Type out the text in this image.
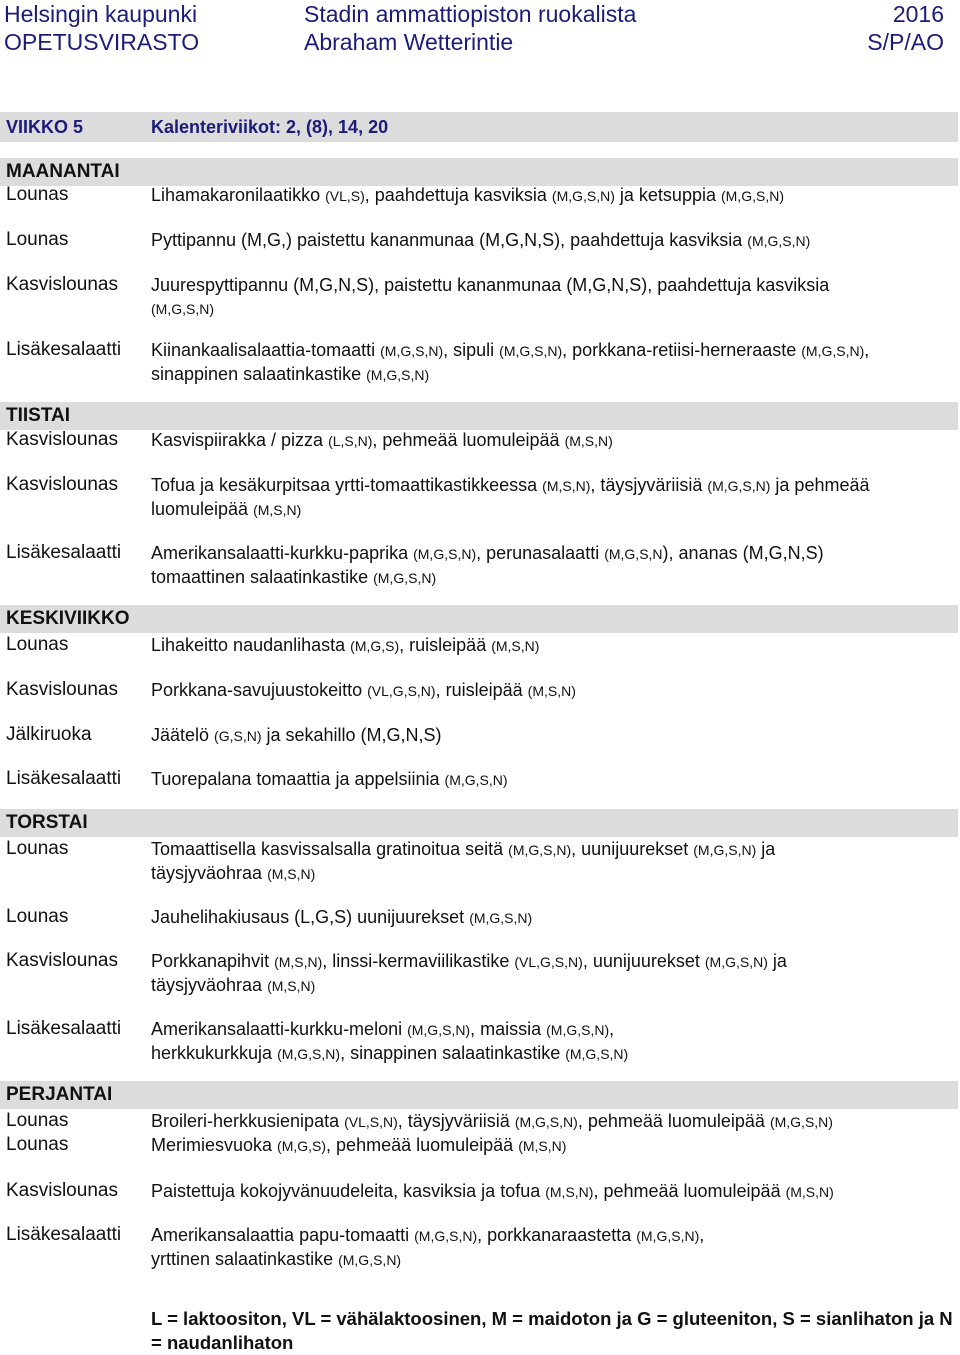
Helsingin kaupunki	Stadin ammattiopiston ruokalista	2016
OPETUSVIRASTO	Abraham Wetterintie	S/P/AO
VIIKKO 5	Kalenteriviikot: 2, (8), 14, 20
MAANANTAI
Lounas	Lihamakaronilaatikko (VL,S), paahdettuja kasviksia (M,G,S,N) ja ketsuppia (M,G,S,N)
Lounas	Pyttipannu (M,G,) paistettu kananmunaa (M,G,N,S), paahdettuja kasviksia (M,G,S,N)
Kasvislounas Juurespyttipannu (M,G,N,S), paistettu kananmunaa (M,G,N,S), paahdettuja kasviksia
(M,G,S,N)
Lisäkesalaatti Kiinankaalisalaattia-tomaatti (M,G,S,N), sipuli (M,G,S,N), porkkana-retiisi-herneraaste (M,G,S,N),
sinappinen salaatinkastike (M,G,S,N)
TIISTAI
Kasvislounas Kasvispiirakka / pizza (L,S,N), pehmeää luomuleipää (M,S,N)
Kasvislounas Tofua ja kesäkurpitsaa yrtti-tomaattikastikkeessa (M,S,N), täysjyväriisiä (M,G,S,N) ja pehmeää
luomuleipää (M,S,N)
Lisäkesalaatti Amerikansalaatti-kurkku-paprika (M,G,S,N), perunasalaatti (M,G,S,N), ananas (M,G,N,S)
tomaattinen salaatinkastike (M,G,S,N)
KESKIVIIKKO
Lounas	Lihakeitto naudanlihasta (M,G,S), ruisleipää (M,S,N)
Kasvislounas Porkkana-savujuustokeitto (VL,G,S,N), ruisleipää (M,S,N)
Jälkiruoka	Jäätelö (G,S,N) ja sekahillo (M,G,N,S)
Lisäkesalaatti Tuorepalana tomaattia ja appelsiinia (M,G,S,N)
TORSTAI
Lounas	Tomaattisella kasvissalsalla gratinoitua seitä (M,G,S,N), uunijuurekset (M,G,S,N) ja
täysjyväohraa (M,S,N)
Lounas	Jauhelihakiusaus (L,G,S) uunijuurekset (M,G,S,N)
Kasvislounas Porkkanapihvit (M,S,N), linssi-kermaviilikastike (VL,G,S,N), uunijuurekset (M,G,S,N) ja
täysjyväohraa (M,S,N)
Lisäkesalaatti Amerikansalaatti-kurkku-meloni (M,G,S,N), maissia (M,G,S,N),
herkkukurkkuja (M,G,S,N), sinappinen salaatinkastike (M,G,S,N)
PERJANTAI
Lounas	Broileri-herkkusienipata (VL,S,N), täysjyväriisiä (M,G,S,N), pehmeää luomuleipää (M,G,S,N)
Lounas	Merimiesvuoka (M,G,S), pehmeää luomuleipää (M,S,N)
Kasvislounas Paistettuja kokojyvänuudeleita, kasviksia ja tofua (M,S,N), pehmeää luomuleipää (M,S,N)
Lisäkesalaatti Amerikansalaattia papu-tomaatti (M,G,S,N), porkkanaraastetta (M,G,S,N),
yrttinen salaatinkastike (M,G,S,N)
L = laktoositon, VL = vähälaktoosinen, M = maidoton ja G = gluteeniton, S = sianlihaton ja N = naudanlihaton
